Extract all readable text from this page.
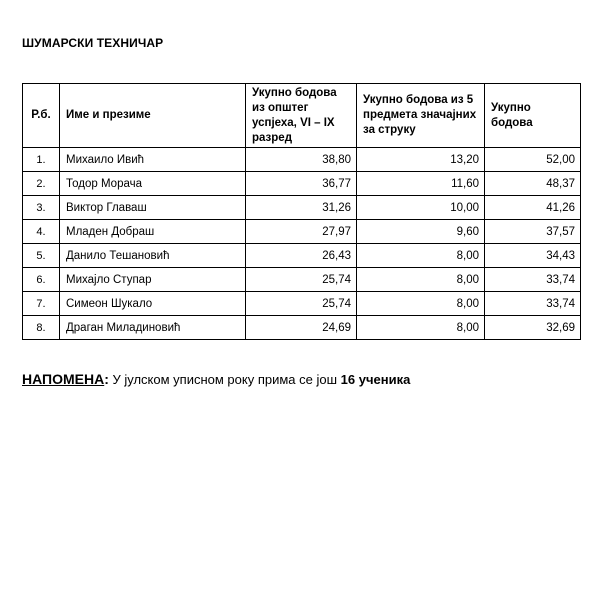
ШУМАРСКИ ТЕХНИЧАР
Р.б.	Име и презиме	Укупно бодова из општег успјеха, VI – IX разред	Укупно бодова из 5 предмета значајних за струку	Укупно бодова
1.	Михаило Ивић	38,80	13,20	52,00
2.	Тодор Морача	36,77	11,60	48,37
3.	Виктор Главаш	31,26	10,00	41,26
4.	Младен Добраш	27,97	9,60	37,57
5.	Данило Тешановић	26,43	8,00	34,43
6.	Михајло Ступар	25,74	8,00	33,74
7.	Симеон Шукало	25,74	8,00	33,74
8.	Драган Миладиновић	24,69	8,00	32,69
НАПОМЕНА: У јулском уписном року прима се још 16 ученика
